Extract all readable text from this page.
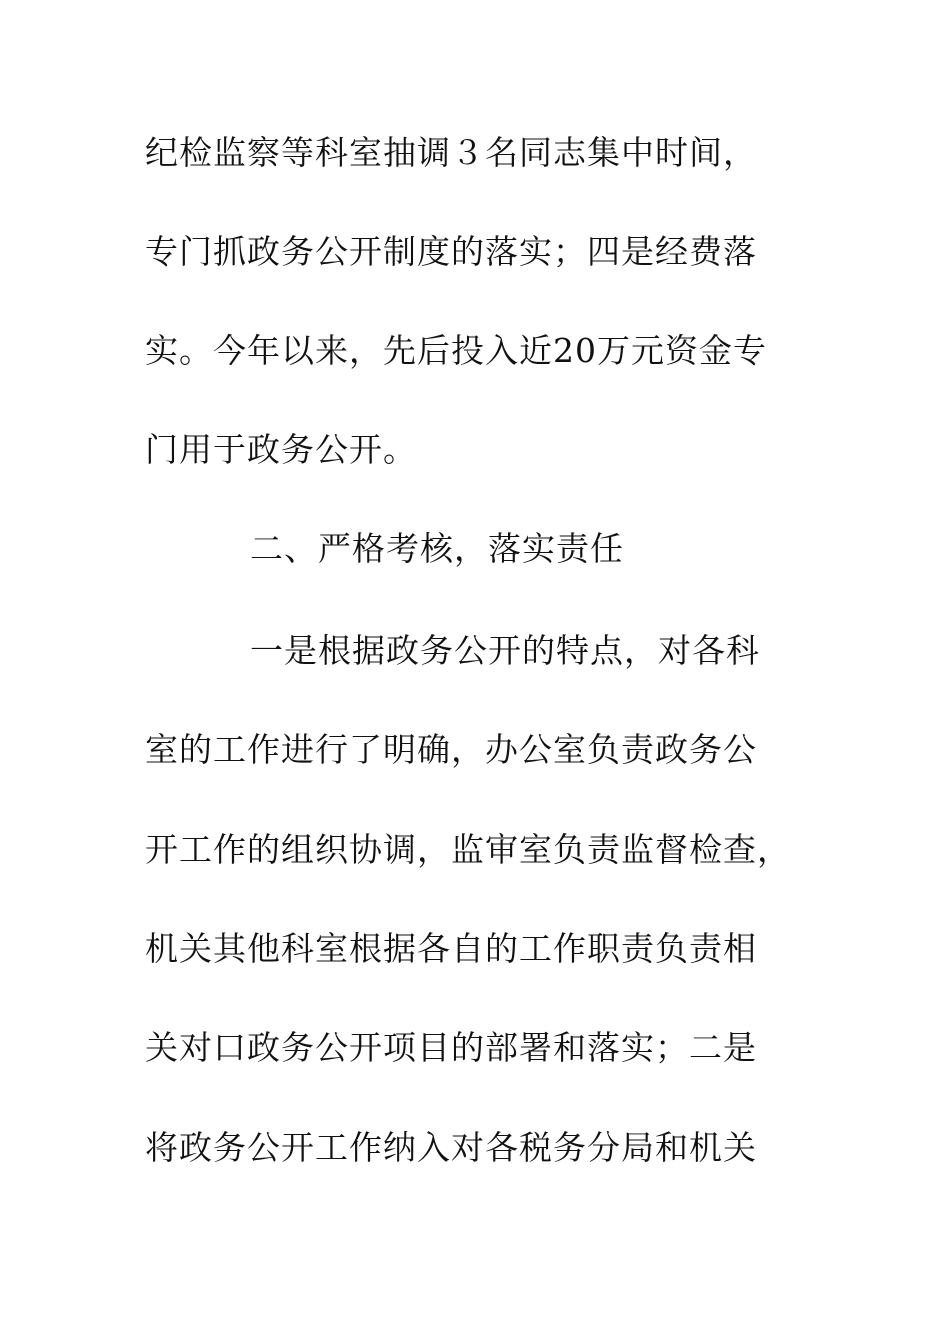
纪检监察等科室抽调３名同志集中时间，
专门抓政务公开制度的落实；四是经费落
实。今年以来，先后投入近20万元资金专
门用于政务公开。
二、严格考核，落实责任
一是根据政务公开的特点，对各科
室的工作进行了明确，办公室负责政务公
开工作的组织协调，监审室负责监督检查，
机关其他科室根据各自的工作职责负责相
关对口政务公开项目的部署和落实；二是
将政务公开工作纳入对各税务分局和机关
